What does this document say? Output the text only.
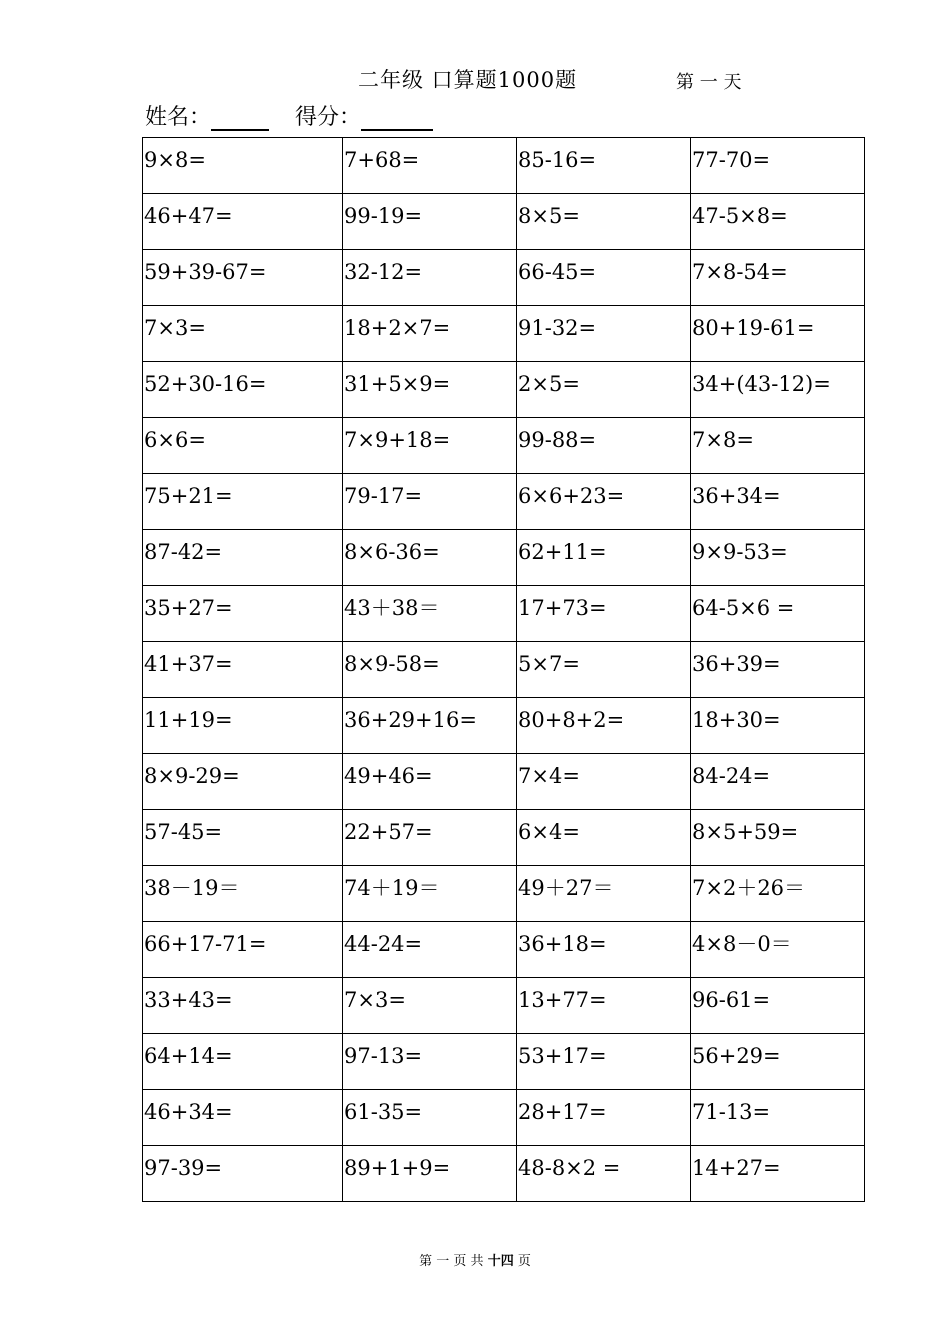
二年级 口算题1000题	第 一 天
姓名：	得分：
9×8=	7+68=	85-16=	77-70=
46+47=	99-19=	8×5=	47-5×8=
59+39-67=	32-12=	66-45=	7×8-54=
7×3=	18+2×7=	91-32=	80+19-61=
52+30-16=	31+5×9=	2×5=	34+(43-12)=
6×6=	7×9+18=	99-88=	7×8=
75+21=	79-17=	6×6+23=	36+34=
87-42=	8×6-36=	62+11=	9×9-53=
35+27=	43＋38＝	17+73=	64-5×6 =
41+37=	8×9-58=	5×7=	36+39=
11+19=	36+29+16=	80+8+2=	18+30=
8×9-29=	49+46=	7×4=	84-24=
57-45=	22+57=	6×4=	8×5+59=
38－19＝	74＋19＝	49＋27＝	7×2＋26＝
66+17-71=	44-24=	36+18=	4×8－0＝
33+43=	7×3=	13+77=	96-61=
64+14=	97-13=	53+17=	56+29=
46+34=	61-35=	28+17=	71-13=
97-39=	89+1+9=	48-8×2 =	14+27=
第 一 页 共 十四 页
